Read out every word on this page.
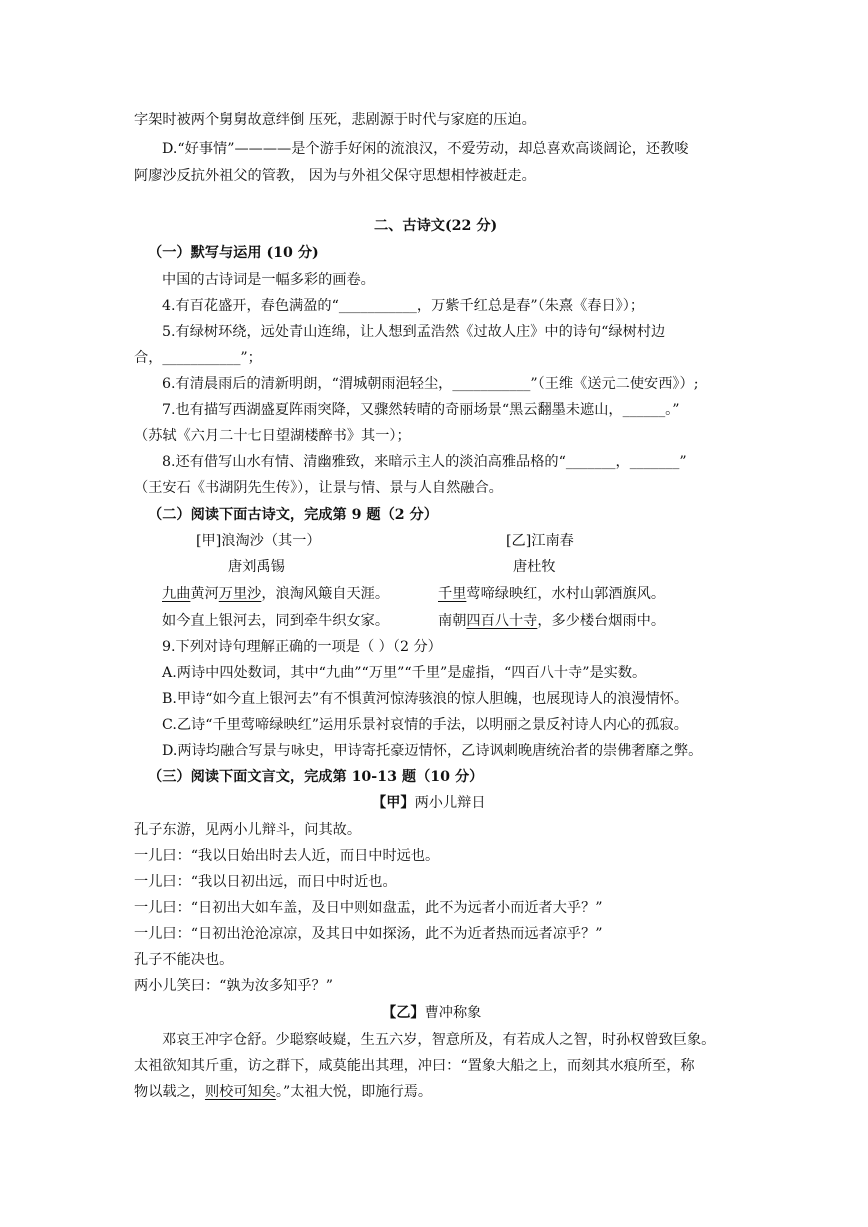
字架时被两个舅舅故意绊倒 压死，悲剧源于时代与家庭的压迫。
D.“好事情”————是个游手好闲的流浪汉，不爱劳动，却总喜欢高谈阔论，还教唆
阿廖沙反抗外祖父的管教， 因为与外祖父保守思想相悖被赶走。
二、古诗文(22 分)
（一）默写与运用 (10 分)
中国的古诗词是一幅多彩的画卷。
4.有百花盛开，春色满盈的“___________，万紫千红总是春”（朱熹《春日》）；
5.有绿树环绕，远处青山连绵，让人想到孟浩然《过故人庄》中的诗句“绿树村边
合，___________”；
6.有清晨雨后的清新明朗，“渭城朝雨浥轻尘，___________”（王维《送元二使安西》）;
7.也有描写西湖盛夏阵雨突降，又骤然转晴的奇丽场景“黑云翻墨未遮山，______。”
（苏轼《六月二十七日望湖楼醉书》其一）；
8.还有借写山水有情、清幽雅致，来暗示主人的淡泊高雅品格的“_______，_______”
（王安石《书湖阴先生传》），让景与情、景与人自然融合。
（二）阅读下面古诗文，完成第 9 题（2 分）
[甲]浪淘沙（其一）
唐刘禹锡
[乙]江南春
唐杜牧
九曲黄河万里沙，浪淘风簸自天涯。	千里莺啼绿映红，水村山郭酒旗风。
如今直上银河去，同到牵牛织女家。	南朝四百八十寺，多少楼台烟雨中。
9.下列对诗句理解正确的一项是（ ）（2 分）
A.两诗中四处数词，其中“九曲”“万里”“千里”是虚指，“四百八十寺”是实数。
B.甲诗“如今直上银河去”有不惧黄河惊涛骇浪的惊人胆魄，也展现诗人的浪漫情怀。
C.乙诗“千里莺啼绿映红”运用乐景衬哀情的手法，以明丽之景反衬诗人内心的孤寂。
D.两诗均融合写景与咏史，甲诗寄托豪迈情怀，乙诗讽刺晚唐统治者的崇佛奢靡之弊。
（三）阅读下面文言文，完成第 10-13 题（10 分）
【甲】两小儿辩日
孔子东游，见两小儿辩斗，问其故。
一儿曰：“我以日始出时去人近，而日中时远也。
一儿曰：“我以日初出远，而日中时近也。
一儿曰：“日初出大如车盖，及日中则如盘盂，此不为远者小而近者大乎？”
一儿曰：“日初出沧沧凉凉，及其日中如探汤，此不为近者热而远者凉乎？”
孔子不能决也。
两小儿笑曰：“孰为汝多知乎？”
【乙】曹冲称象
邓哀王冲字仓舒。少聪察岐嶷，生五六岁，智意所及，有若成人之智，时孙权曾致巨象。
太祖欲知其斤重，访之群下，咸莫能出其理，冲曰：“置象大船之上，而刻其水痕所至，称
物以载之，则校可知矣。”太祖大悦，即施行焉。
